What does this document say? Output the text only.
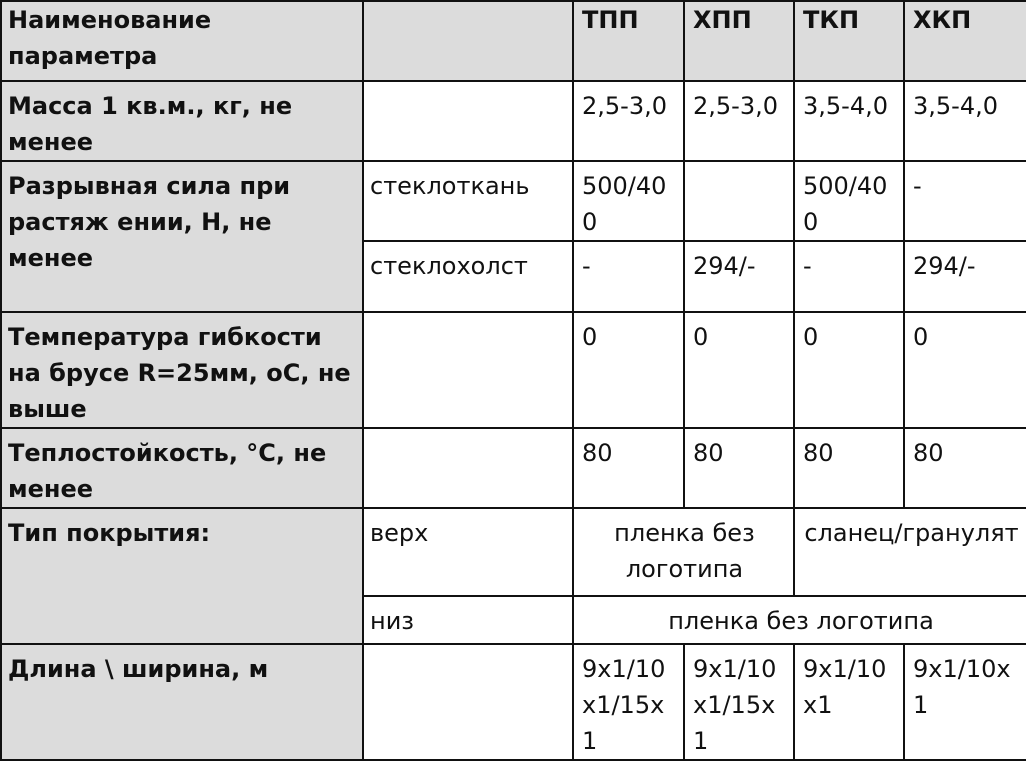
Наименование параметра		ТПП	ХПП	ТКП	ХКП
Масса 1 кв.м., кг, не менее		2,5-3,0	2,5-3,0	3,5-4,0	3,5-4,0
Разрывная сила при растяж ении, Н, не менее	стеклоткань	500/400		500/400	-
	стеклохолст	-	294/-	-	294/-
Температура гибкости на брусе R=25мм, оС, не выше		0	0	0	0
Теплостойкость, °С, не менее		80	80	80	80
Тип покрытия:	верх	пленка без логотипа		сланец/гранулят	
	низ	пленка без логотипа			
Длина \ ширина, м		9х1/10х1/15х1	9х1/10х1/15х1	9х1/10х1	9х1/10х1
